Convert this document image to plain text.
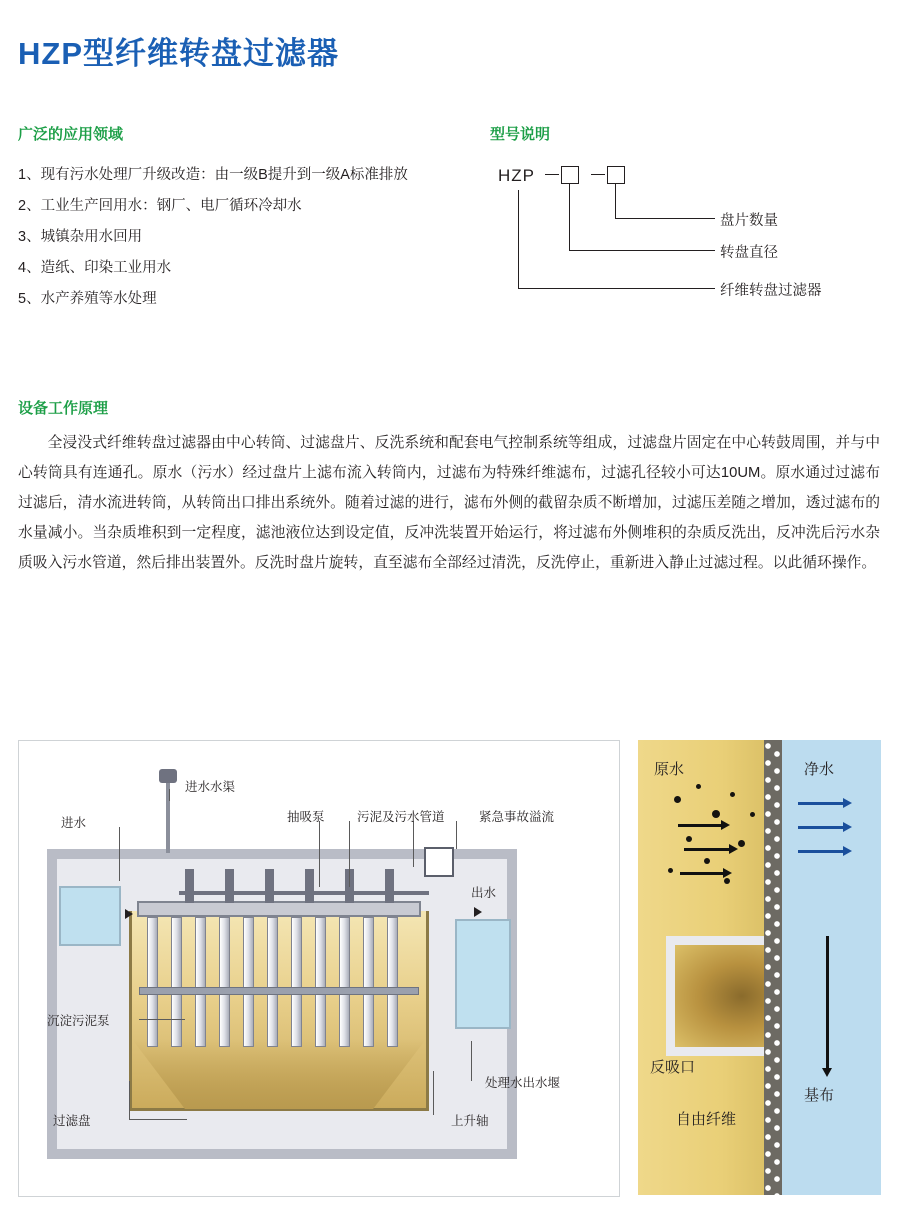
HZP型纤维转盘过滤器
广泛的应用领域
1、现有污水处理厂升级改造：由一级B提升到一级A标准排放
2、工业生产回用水：钢厂、电厂循环冷却水
3、城镇杂用水回用
4、造纸、印染工业用水
5、水产养殖等水处理
型号说明
HZP
盘片数量
转盘直径
纤维转盘过滤器
设备工作原理
全浸没式纤维转盘过滤器由中心转筒、过滤盘片、反洗系统和配套电气控制系统等组成，过滤盘片固定在中心转鼓周围，并与中心转筒具有连通孔。原水（污水）经过盘片上滤布流入转筒内，过滤布为特殊纤维滤布，过滤孔径较小可达10UM。原水通过过滤布过滤后，清水流进转筒，从转筒出口排出系统外。随着过滤的进行，滤布外侧的截留杂质不断增加，过滤压差随之增加，透过滤布的水量减小。当杂质堆积到一定程度，滤池液位达到设定值，反冲洗装置开始运行，将过滤布外侧堆积的杂质反洗出，反冲洗后污水杂质吸入污水管道，然后排出装置外。反洗时盘片旋转，直至滤布全部经过清洗，反洗停止，重新进入静止过滤过程。以此循环操作。
进水
进水水渠
抽吸泵	污泥及污水管道	紧急事故溢流
出水
沉淀污泥泵
过滤盘
处理水出水堰
上升轴
原水	净水
反吸口
基布
自由纤维
